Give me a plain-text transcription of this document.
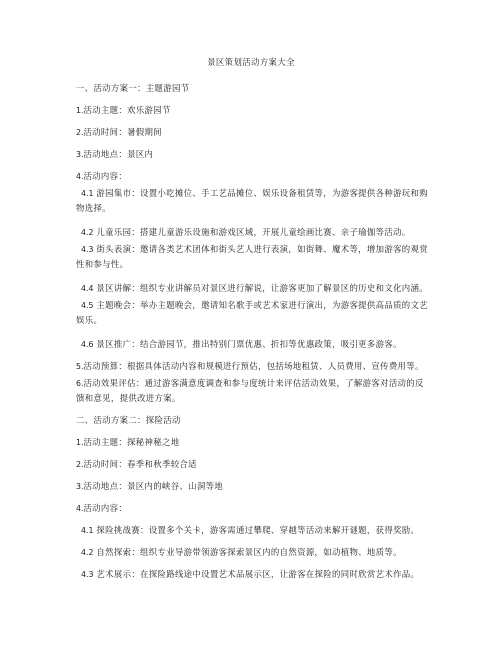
景区策划活动方案大全
一、活动方案一：主题游园节
1.活动主题：欢乐游园节
2.活动时间：暑假期间
3.活动地点：景区内
4.活动内容：
4.1 游园集市：设置小吃摊位、手工艺品摊位、娱乐设备租赁等，为游客提供各种游玩和购物选择。
4.2 儿童乐园：搭建儿童游乐设施和游戏区域，开展儿童绘画比赛、亲子瑜伽等活动。
4.3 街头表演：邀请各类艺术团体和街头艺人进行表演，如街舞、魔术等，增加游客的观赏性和参与性。
4.4 景区讲解：组织专业讲解员对景区进行解说，让游客更加了解景区的历史和文化内涵。
4.5 主题晚会：举办主题晚会，邀请知名歌手或艺术家进行演出，为游客提供高品质的文艺娱乐。
4.6 景区推广：结合游园节，推出特别门票优惠、折扣等优惠政策，吸引更多游客。
5.活动预算：根据具体活动内容和规模进行预估，包括场地租赁、人员费用、宣传费用等。
6.活动效果评估：通过游客满意度调查和参与度统计来评估活动效果，了解游客对活动的反馈和意见，提供改进方案。
二、活动方案二：探险活动
1.活动主题：探秘神秘之地
2.活动时间：春季和秋季较合适
3.活动地点：景区内的峡谷、山洞等地
4.活动内容：
4.1 探险挑战赛：设置多个关卡，游客需通过攀爬、穿越等活动来解开谜题，获得奖励。
4.2 自然探索：组织专业导游带领游客探索景区内的自然资源，如动植物、地质等。
4.3 艺术展示：在探险路线途中设置艺术品展示区，让游客在探险的同时欣赏艺术作品。
